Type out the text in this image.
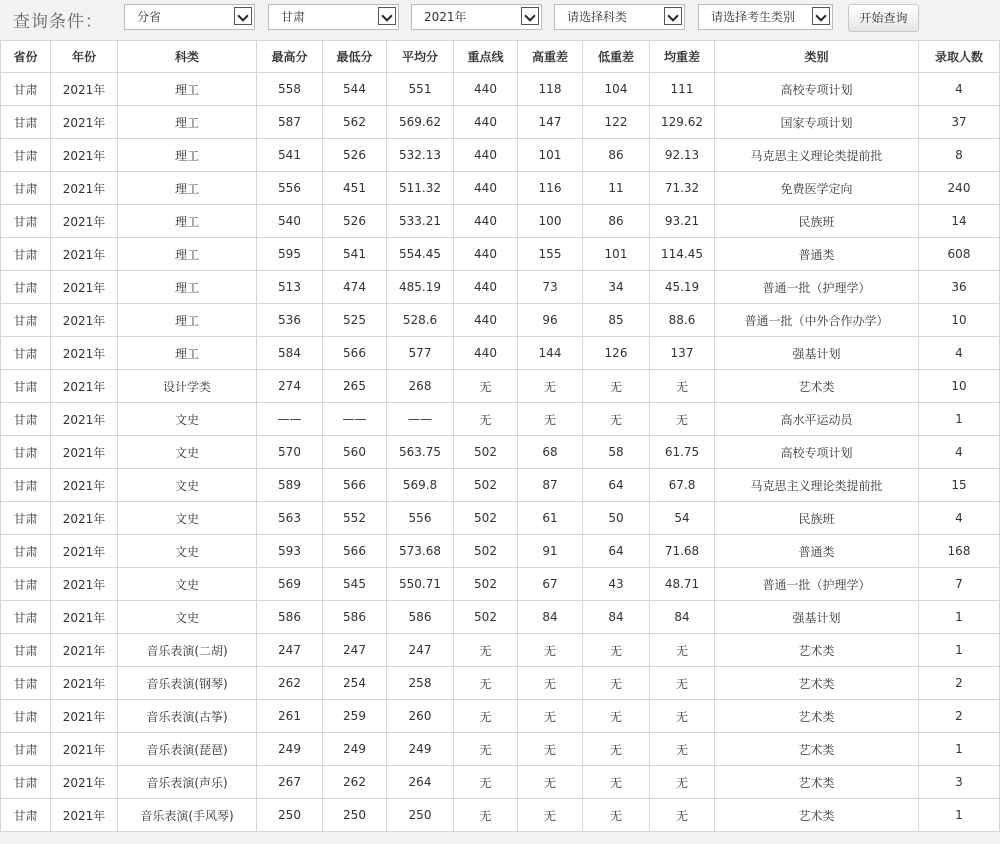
查询条件：	分省	甘肃	2021年	请选择科类	请选择考生类别	开始查询
省份	年份	科类	最高分	最低分	平均分	重点线	高重差	低重差	均重差	类别	录取人数
甘肃	2021年	理工	558	544	551	440	118	104	111	高校专项计划	4
甘肃	2021年	理工	587	562	569.62	440	147	122	129.62	国家专项计划	37
甘肃	2021年	理工	541	526	532.13	440	101	86	92.13	马克思主义理论类提前批	8
甘肃	2021年	理工	556	451	511.32	440	116	11	71.32	免费医学定向	240
甘肃	2021年	理工	540	526	533.21	440	100	86	93.21	民族班	14
甘肃	2021年	理工	595	541	554.45	440	155	101	114.45	普通类	608
甘肃	2021年	理工	513	474	485.19	440	73	34	45.19	普通一批（护理学）	36
甘肃	2021年	理工	536	525	528.6	440	96	85	88.6	普通一批（中外合作办学）	10
甘肃	2021年	理工	584	566	577	440	144	126	137	强基计划	4
甘肃	2021年	设计学类	274	265	268	无	无	无	无	艺术类	10
甘肃	2021年	文史	——	——	——	无	无	无	无	高水平运动员	1
甘肃	2021年	文史	570	560	563.75	502	68	58	61.75	高校专项计划	4
甘肃	2021年	文史	589	566	569.8	502	87	64	67.8	马克思主义理论类提前批	15
甘肃	2021年	文史	563	552	556	502	61	50	54	民族班	4
甘肃	2021年	文史	593	566	573.68	502	91	64	71.68	普通类	168
甘肃	2021年	文史	569	545	550.71	502	67	43	48.71	普通一批（护理学）	7
甘肃	2021年	文史	586	586	586	502	84	84	84	强基计划	1
甘肃	2021年	音乐表演(二胡)	247	247	247	无	无	无	无	艺术类	1
甘肃	2021年	音乐表演(钢琴)	262	254	258	无	无	无	无	艺术类	2
甘肃	2021年	音乐表演(古筝)	261	259	260	无	无	无	无	艺术类	2
甘肃	2021年	音乐表演(琵琶)	249	249	249	无	无	无	无	艺术类	1
甘肃	2021年	音乐表演(声乐)	267	262	264	无	无	无	无	艺术类	3
甘肃	2021年	音乐表演(手风琴)	250	250	250	无	无	无	无	艺术类	1
